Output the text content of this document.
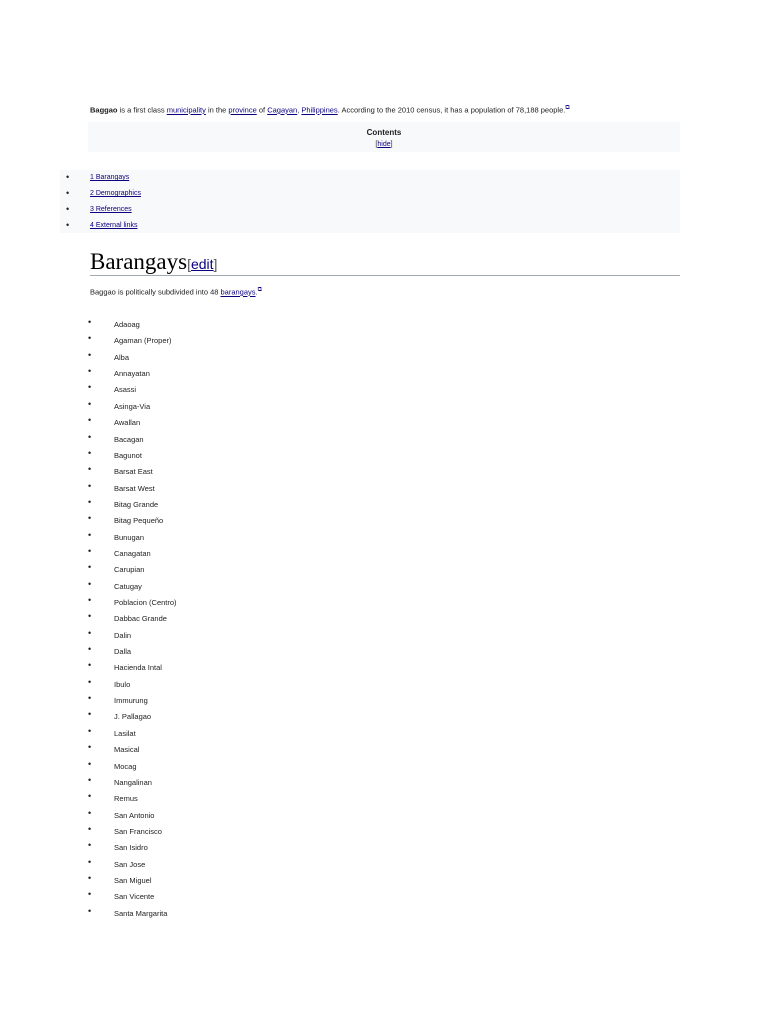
Baggao is a first class municipality in the province of Cagayan, Philippines. According to the 2010 census, it has a population of 78,188 people.⧉
Contents
[hide]
•	1 Barangays
•	2 Demographics
•	3 References
•	4 External links
Barangays[edit]
Baggao is politically subdivided into 48 barangays.⧉
•	Adaoag
•	Agaman (Proper)
•	Alba
•	Annayatan
•	Asassi
•	Asinga-Via
•	Awallan
•	Bacagan
•	Bagunot
•	Barsat East
•	Barsat West
•	Bitag Grande
•	Bitag Pequeño
•	Bunugan
•	Canagatan
•	Carupian
•	Catugay
•	Poblacion (Centro)
•	Dabbac Grande
•	Dalin
•	Dalla
•	Hacienda Intal
•	Ibulo
•	Immurung
•	J. Pallagao
•	Lasilat
•	Masical
•	Mocag
•	Nangalinan
•	Remus
•	San Antonio
•	San Francisco
•	San Isidro
•	San Jose
•	San Miguel
•	San Vicente
•	Santa Margarita
